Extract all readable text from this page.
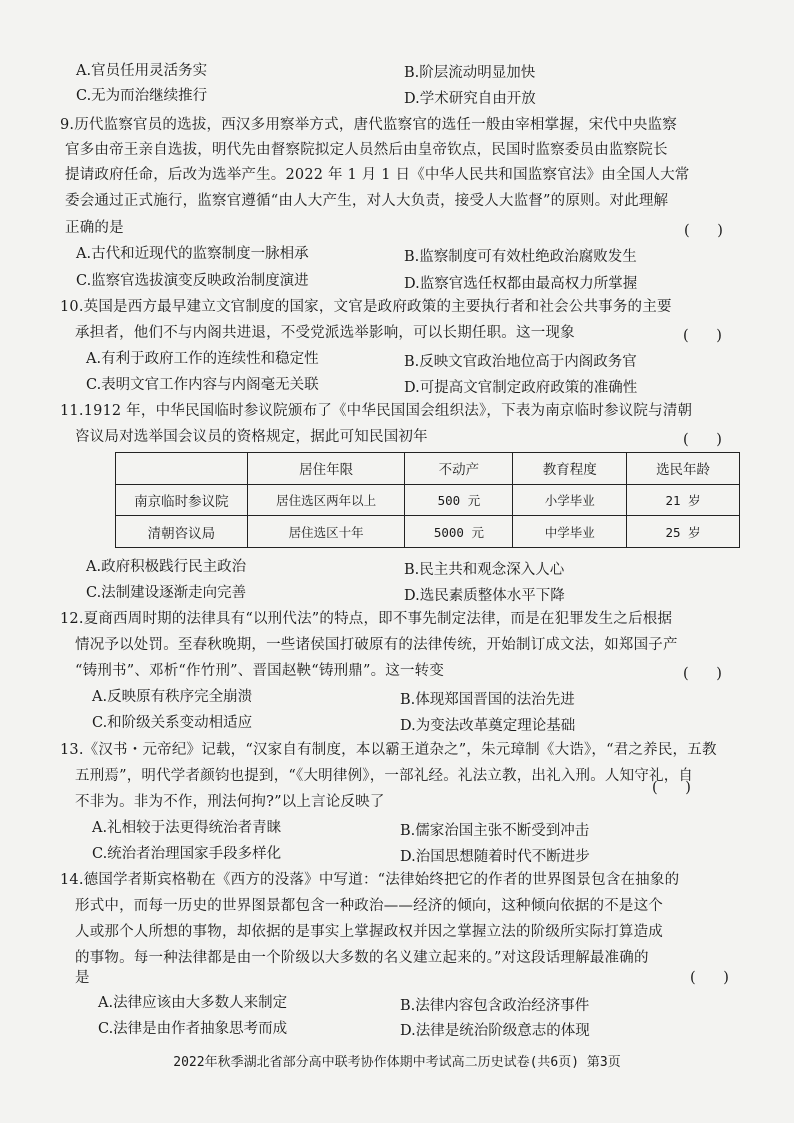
A.官员任用灵活务实	B.阶层流动明显加快
C.无为而治继续推行	D.学术研究自由开放
9.历代监察官员的选拔，西汉多用察举方式，唐代监察官的选任一般由宰相掌握，宋代中央监察
官多由帝王亲自选拔，明代先由督察院拟定人员然后由皇帝钦点，民国时监察委员由监察院长
提请政府任命，后改为选举产生。2022 年 1 月 1 日《中华人民共和国监察官法》由全国人大常
委会通过正式施行，监察官遵循“由人大产生，对人大负责，接受人大监督”的原则。对此理解
正确的是	(      )
A.古代和近现代的监察制度一脉相承	B.监察制度可有效杜绝政治腐败发生
C.监察官选拔演变反映政治制度演进	D.监察官选任权都由最高权力所掌握
10.英国是西方最早建立文官制度的国家，文官是政府政策的主要执行者和社会公共事务的主要
承担者，他们不与内阁共进退，不受党派选举影响，可以长期任职。这一现象	(      )
A.有利于政府工作的连续性和稳定性	B.反映文官政治地位高于内阁政务官
C.表明文官工作内容与内阁毫无关联	D.可提高文官制定政府政策的准确性
11.1912 年，中华民国临时参议院颁布了《中华民国国会组织法》，下表为南京临时参议院与清朝
咨议局对选举国会议员的资格规定，据此可知民国初年	(      )
	居住年限	不动产	教育程度	选民年龄
南京临时参议院	居住选区两年以上	500 元	小学毕业	21 岁
清朝咨议局	居住选区十年	5000 元	中学毕业	25 岁
A.政府积极践行民主政治	B.民主共和观念深入人心
C.法制建设逐渐走向完善	D.选民素质整体水平下降
12.夏商西周时期的法律具有“以刑代法”的特点，即不事先制定法律，而是在犯罪发生之后根据
情况予以处罚。至春秋晚期，一些诸侯国打破原有的法律传统，开始制订成文法，如郑国子产
“铸刑书”、邓析“作竹刑”、晋国赵鞅“铸刑鼎”。这一转变	(      )
A.反映原有秩序完全崩溃	B.体现郑国晋国的法治先进
C.和阶级关系变动相适应	D.为变法改革奠定理论基础
13.《汉书・元帝纪》记载，“汉家自有制度，本以霸王道杂之”，朱元璋制《大诰》，“君之养民，五教
五刑焉”，明代学者颜钧也提到，“《大明律例》，一部礼经。礼法立教，出礼入刑。人知守礼，自
不非为。非为不作，刑法何拘?”以上言论反映了
(      )
A.礼相较于法更得统治者青睐	B.儒家治国主张不断受到冲击
C.统治者治理国家手段多样化	D.治国思想随着时代不断进步
14.德国学者斯宾格勒在《西方的没落》中写道：“法律始终把它的作者的世界图景包含在抽象的
形式中，而每一历史的世界图景都包含一种政治——经济的倾向，这种倾向依据的不是这个
人或那个人所想的事物，却依据的是事实上掌握政权并因之掌握立法的阶级所实际打算造成
的事物。每一种法律都是由一个阶级以大多数的名义建立起来的。”对这段话理解最准确的
是	(      )
A.法律应该由大多数人来制定	B.法律内容包含政治经济事件
C.法律是由作者抽象思考而成	D.法律是统治阶级意志的体现
2022年秋季湖北省部分高中联考协作体期中考试高二历史试卷(共6页) 第3页
